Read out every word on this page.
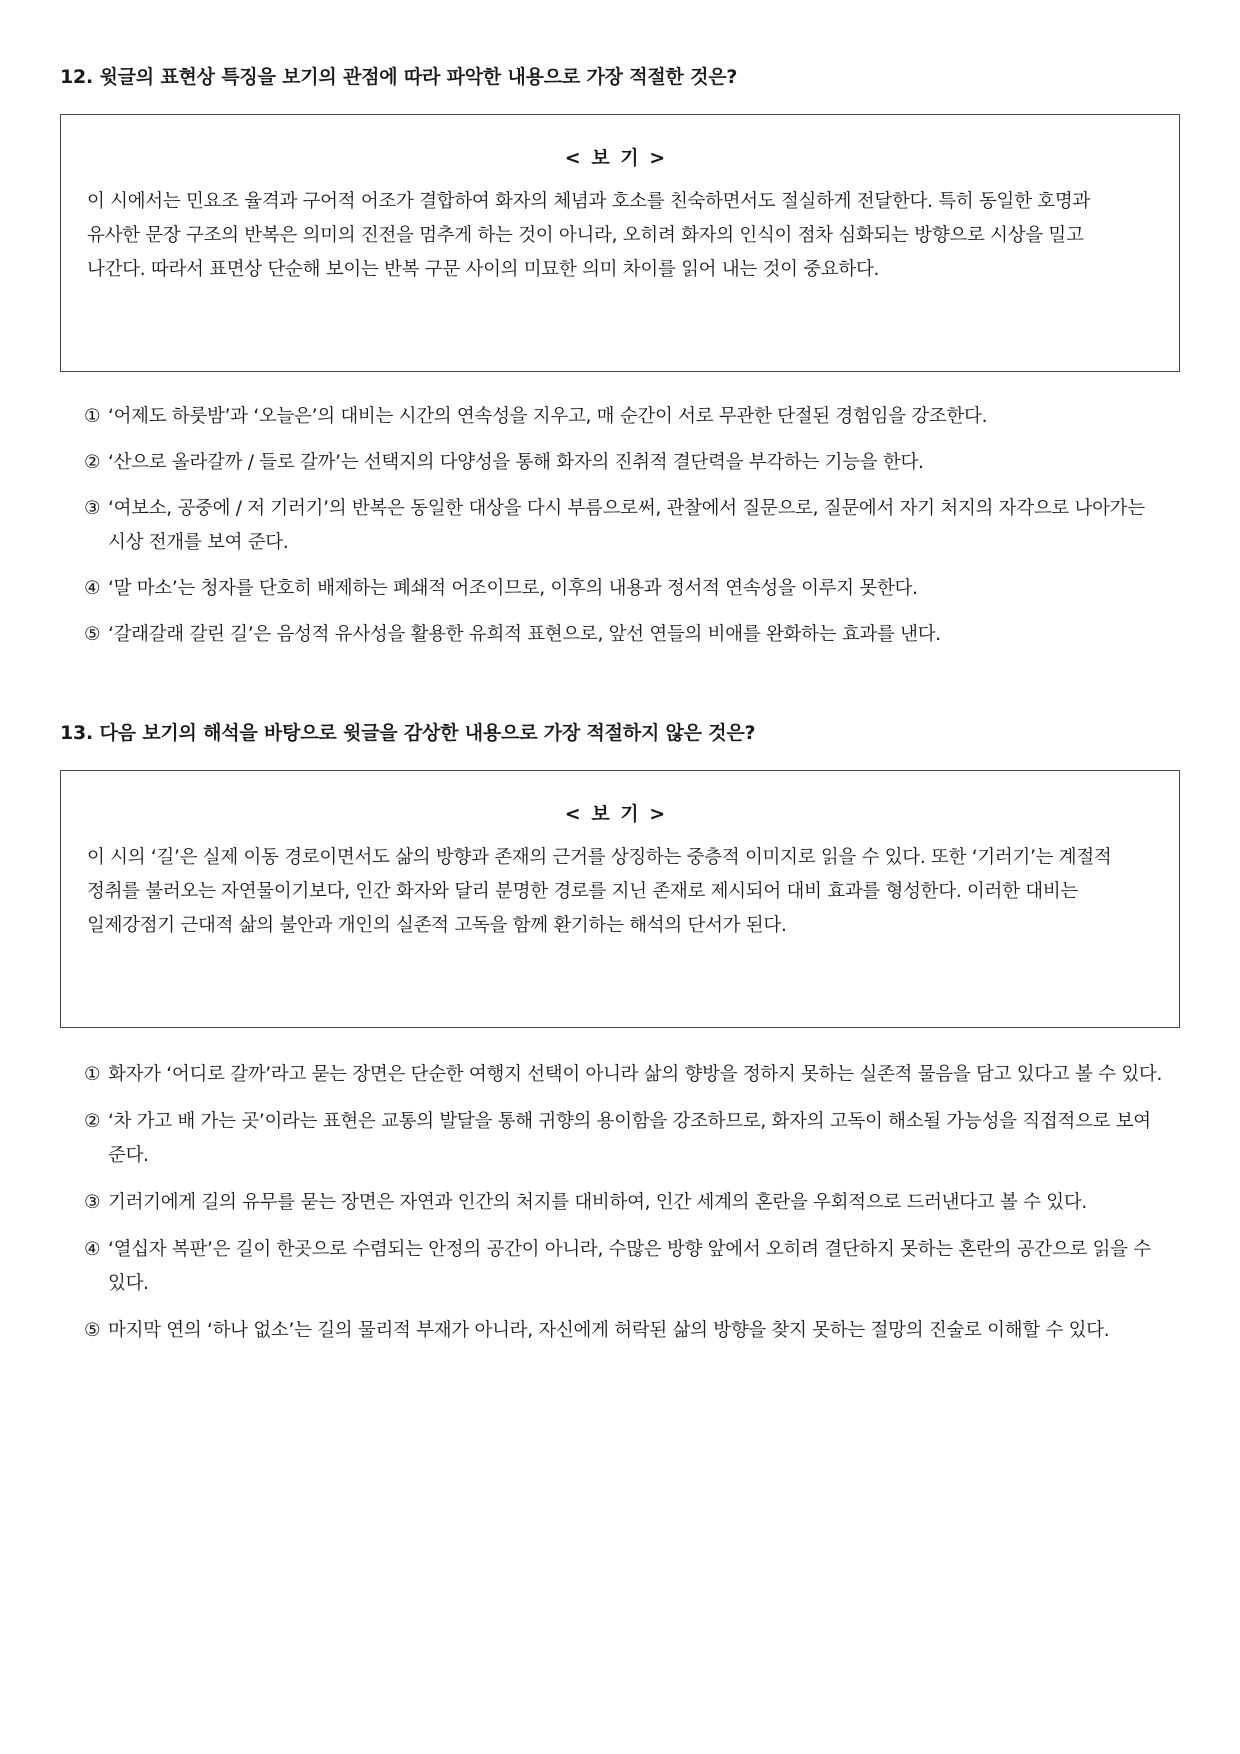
12. 윗글의 표현상 특징을 보기의 관점에 따라 파악한 내용으로 가장 적절한 것은?

< 보 기 >

이 시에서는 민요조 율격과 구어적 어조가 결합하여 화자의 체념과 호소를 친숙하면서도 절실하게 전달한다. 특히 동일한 호명과 유사한 문장 구조의 반복은 의미의 진전을 멈추게 하는 것이 아니라, 오히려 화자의 인식이 점차 심화되는 방향으로 시상을 밀고 나간다. 따라서 표면상 단순해 보이는 반복 구문 사이의 미묘한 의미 차이를 읽어 내는 것이 중요하다.

① ‘어제도 하룻밤’과 ‘오늘은’의 대비는 시간의 연속성을 지우고, 매 순간이 서로 무관한 단절된 경험임을 강조한다.
② ‘산으로 올라갈까 / 들로 갈까’는 선택지의 다양성을 통해 화자의 진취적 결단력을 부각하는 기능을 한다.
③ ‘여보소, 공중에 / 저 기러기’의 반복은 동일한 대상을 다시 부름으로써, 관찰에서 질문으로, 질문에서 자기 처지의 자각으로 나아가는 시상 전개를 보여 준다.
④ ‘말 마소’는 청자를 단호히 배제하는 폐쇄적 어조이므로, 이후의 내용과 정서적 연속성을 이루지 못한다.
⑤ ‘갈래갈래 갈린 길’은 음성적 유사성을 활용한 유희적 표현으로, 앞선 연들의 비애를 완화하는 효과를 낸다.

13. 다음 보기의 해석을 바탕으로 윗글을 감상한 내용으로 가장 적절하지 않은 것은?

< 보 기 >

이 시의 ‘길’은 실제 이동 경로이면서도 삶의 방향과 존재의 근거를 상징하는 중층적 이미지로 읽을 수 있다. 또한 ‘기러기’는 계절적 정취를 불러오는 자연물이기보다, 인간 화자와 달리 분명한 경로를 지닌 존재로 제시되어 대비 효과를 형성한다. 이러한 대비는 일제강점기 근대적 삶의 불안과 개인의 실존적 고독을 함께 환기하는 해석의 단서가 된다.

① 화자가 ‘어디로 갈까’라고 묻는 장면은 단순한 여행지 선택이 아니라 삶의 향방을 정하지 못하는 실존적 물음을 담고 있다고 볼 수 있다.
② ‘차 가고 배 가는 곳’이라는 표현은 교통의 발달을 통해 귀향의 용이함을 강조하므로, 화자의 고독이 해소될 가능성을 직접적으로 보여 준다.
③ 기러기에게 길의 유무를 묻는 장면은 자연과 인간의 처지를 대비하여, 인간 세계의 혼란을 우회적으로 드러낸다고 볼 수 있다.
④ ‘열십자 복판’은 길이 한곳으로 수렴되는 안정의 공간이 아니라, 수많은 방향 앞에서 오히려 결단하지 못하는 혼란의 공간으로 읽을 수 있다.
⑤ 마지막 연의 ‘하나 없소’는 길의 물리적 부재가 아니라, 자신에게 허락된 삶의 방향을 찾지 못하는 절망의 진술로 이해할 수 있다.
